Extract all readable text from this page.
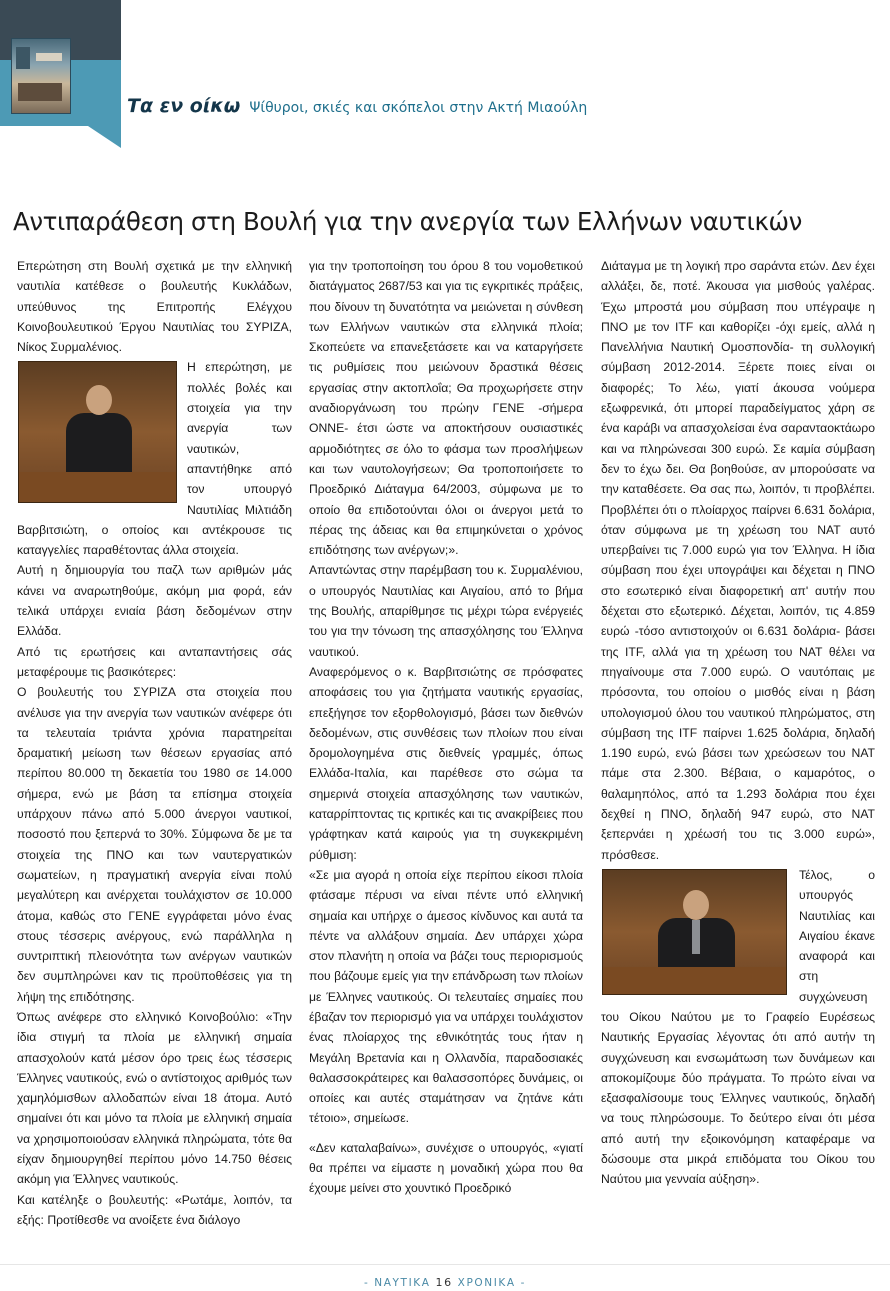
Τα εν οίκω Ψίθυροι, σκιές και σκόπελοι στην Ακτή Μιαούλη
Αντιπαράθεση στη Βουλή για την ανεργία των Ελλήνων ναυτικών

Επερώτηση στη Βουλή σχετικά με την ελληνική ναυτιλία κατέθεσε ο βουλευτής Κυκλάδων, υπεύθυνος της Επιτροπής Ελέγχου Κοινοβουλευτικού Έργου Ναυτιλίας του ΣΥΡΙΖΑ, Νίκος Συρμαλένιος.

Η επερώτηση, με πολλές βολές και στοιχεία για την ανεργία των ναυτικών, απαντήθηκε από τον υπουργό Ναυτιλίας Μιλτιάδη Βαρβιτσιώτη, ο οποίος και αντέκρουσε τις καταγγελίες παραθέτοντας άλλα στοιχεία.

Αυτή η δημιουργία του παζλ των αριθμών μάς κάνει να αναρωτηθούμε, ακόμη μια φορά, εάν τελικά υπάρχει ενιαία βάση δεδομένων στην Ελλάδα.

Από τις ερωτήσεις και ανταπαντήσεις σάς μεταφέρουμε τις βασικότερες:

Ο βουλευτής του ΣΥΡΙΖΑ στα στοιχεία που ανέλυσε για την ανεργία των ναυτικών ανέφερε ότι τα τελευταία τριάντα χρόνια παρατηρείται δραματική μείωση των θέσεων εργασίας από περίπου 80.000 τη δεκαετία του 1980 σε 14.000 σήμερα, ενώ με βάση τα επίσημα στοιχεία υπάρχουν πάνω από 5.000 άνεργοι ναυτικοί, ποσοστό που ξεπερνά το 30%. Σύμφωνα δε με τα στοιχεία της ΠΝΟ και των ναυτεργατικών σωματείων, η πραγματική ανεργία είναι πολύ μεγαλύτερη και ανέρχεται τουλάχιστον σε 10.000 άτομα, καθώς στο ΓΕΝΕ εγγράφεται μόνο ένας στους τέσσερις ανέργους, ενώ παράλληλα η συντριπτική πλειονότητα των ανέργων ναυτικών δεν συμπληρώνει καν τις προϋποθέσεις για τη λήψη της επιδότησης.

Όπως ανέφερε στο ελληνικό Κοινοβούλιο: «Την ίδια στιγμή τα πλοία με ελληνική σημαία απασχολούν κατά μέσον όρο τρεις έως τέσσερις Έλληνες ναυτικούς, ενώ ο αντίστοιχος αριθμός των χαμηλόμισθων αλλοδαπών είναι 18 άτομα. Αυτό σημαίνει ότι και μόνο τα πλοία με ελληνική σημαία να χρησιμοποιούσαν ελληνικά πληρώματα, τότε θα είχαν δημιουργηθεί περίπου μόνο 14.750 θέσεις ακόμη για Έλληνες ναυτικούς.

Και κατέληξε ο βουλευτής: «Ρωτάμε, λοιπόν, τα εξής: Προτίθεσθε να ανοίξετε ένα διάλογο

για την τροποποίηση του όρου 8 του νομοθετικού διατάγματος 2687/53 και για τις εγκριτικές πράξεις, που δίνουν τη δυνατότητα να μειώνεται η σύνθεση των Ελλήνων ναυτικών στα ελληνικά πλοία; Σκοπεύετε να επανεξετάσετε και να καταργήσετε τις ρυθμίσεις που μειώνουν δραστικά θέσεις εργασίας στην ακτοπλοΐα; Θα προχωρήσετε στην αναδιοργάνωση του πρώην ΓΕΝΕ -σήμερα ΟΝΝΕ- έτσι ώστε να αποκτήσουν ουσιαστικές αρμοδιότητες σε όλο το φάσμα των προσλήψεων και των ναυτολογήσεων; Θα τροποποιήσετε το Προεδρικό Διάταγμα 64/2003, σύμφωνα με το οποίο θα επιδοτούνται όλοι οι άνεργοι μετά το πέρας της άδειας και θα επιμηκύνεται ο χρόνος επιδότησης των ανέργων;».

Απαντώντας στην παρέμβαση του κ. Συρμαλένιου, ο υπουργός Ναυτιλίας και Αιγαίου, από το βήμα της Βουλής, απαρίθμησε τις μέχρι τώρα ενέργειές του για την τόνωση της απασχόλησης του Έλληνα ναυτικού.

Αναφερόμενος ο κ. Βαρβιτσιώτης σε πρόσφατες αποφάσεις του για ζητήματα ναυτικής εργασίας, επεξήγησε τον εξορθολογισμό, βάσει των διεθνών δεδομένων, στις συνθέσεις των πλοίων που είναι δρομολογημένα στις διεθνείς γραμμές, όπως Ελλάδα-Ιταλία, και παρέθεσε στο σώμα τα σημερινά στοιχεία απασχόλησης των ναυτικών, καταρρίπτοντας τις κριτικές και τις ανακρίβειες που γράφτηκαν κατά καιρούς για τη συγκεκριμένη ρύθμιση:

«Σε μια αγορά η οποία είχε περίπου είκοσι πλοία φτάσαμε πέρυσι να είναι πέντε υπό ελληνική σημαία και υπήρχε ο άμεσος κίνδυνος και αυτά τα πέντε να αλλάξουν σημαία. Δεν υπάρχει χώρα στον πλανήτη η οποία να βάζει τους περιορισμούς που βάζουμε εμείς για την επάνδρωση των πλοίων με Έλληνες ναυτικούς. Οι τελευταίες σημαίες που έβαζαν τον περιορισμό για να υπάρχει τουλάχιστον ένας πλοίαρχος της εθνικότητάς τους ήταν η Μεγάλη Βρετανία και η Ολλανδία, παραδοσιακές θαλασσοκράτειρες και θαλασσοπόρες δυνάμεις, οι οποίες και αυτές σταμάτησαν να ζητάνε κάτι τέτοιο», σημείωσε.

«Δεν καταλαβαίνω», συνέχισε ο υπουργός, «γιατί θα πρέπει να είμαστε η μοναδική χώρα που θα έχουμε μείνει στο χουντικό Προεδρικό

Διάταγμα με τη λογική προ σαράντα ετών. Δεν έχει αλλάξει, δε, ποτέ. Άκουσα για μισθούς γαλέρας. Έχω μπροστά μου σύμβαση που υπέγραψε η ΠΝΟ με τον ITF και καθορίζει -όχι εμείς, αλλά η Πανελλήνια Ναυτική Ομοσπονδία- τη συλλογική σύμβαση 2012-2014. Ξέρετε ποιες είναι οι διαφορές; Το λέω, γιατί άκουσα νούμερα εξωφρενικά, ότι μπορεί παραδείγματος χάρη σε ένα καράβι να απασχολείσαι ένα σαρανταοκτάωρο και να πληρώνεσαι 300 ευρώ. Σε καμία σύμβαση δεν το έχω δει. Θα βοηθούσε, αν μπορούσατε να την καταθέσετε. Θα σας πω, λοιπόν, τι προβλέπει. Προβλέπει ότι ο πλοίαρχος παίρνει 6.631 δολάρια, όταν σύμφωνα με τη χρέωση του ΝΑΤ αυτό υπερβαίνει τις 7.000 ευρώ για τον Έλληνα. Η ίδια σύμβαση που έχει υπογράψει και δέχεται η ΠΝΟ στο εσωτερικό είναι διαφορετική απ' αυτήν που δέχεται στο εξωτερικό. Δέχεται, λοιπόν, τις 4.859 ευρώ -τόσο αντιστοιχούν οι 6.631 δολάρια- βάσει της ITF, αλλά για τη χρέωση του ΝΑΤ θέλει να πηγαίνουμε στα 7.000 ευρώ. Ο ναυτόπαις με πρόσοντα, του οποίου ο μισθός είναι η βάση υπολογισμού όλου του ναυτικού πληρώματος, στη σύμβαση της ITF παίρνει 1.625 δολάρια, δηλαδή 1.190 ευρώ, ενώ βάσει των χρεώσεων του ΝΑΤ πάμε στα 2.300. Βέβαια, ο καμαρότος, ο θαλαμηπόλος, από τα 1.293 δολάρια που έχει δεχθεί η ΠΝΟ, δηλαδή 947 ευρώ, στο ΝΑΤ ξεπερνάει η χρέωσή του τις 3.000 ευρώ», πρόσθεσε.

Τέλος, ο υπουργός Ναυτιλίας και Αιγαίου έκανε αναφορά και στη συγχώνευση του Οίκου Ναύτου με το Γραφείο Ευρέσεως Ναυτικής Εργασίας λέγοντας ότι από αυτήν τη συγχώνευση και ενσωμάτωση των δυνάμεων και αποκομίζουμε δύο πράγματα. Το πρώτο είναι να εξασφαλίσουμε τους Έλληνες ναυτικούς, δηλαδή να τους πληρώσουμε. Το δεύτερο είναι ότι μέσα από αυτή την εξοικονόμηση καταφέραμε να δώσουμε στα μικρά επιδόματα του Οίκου του Ναύτου μια γενναία αύξηση».

- ΝΑΥΤΙΚΑ 16 ΧΡΟΝΙΚΑ -
